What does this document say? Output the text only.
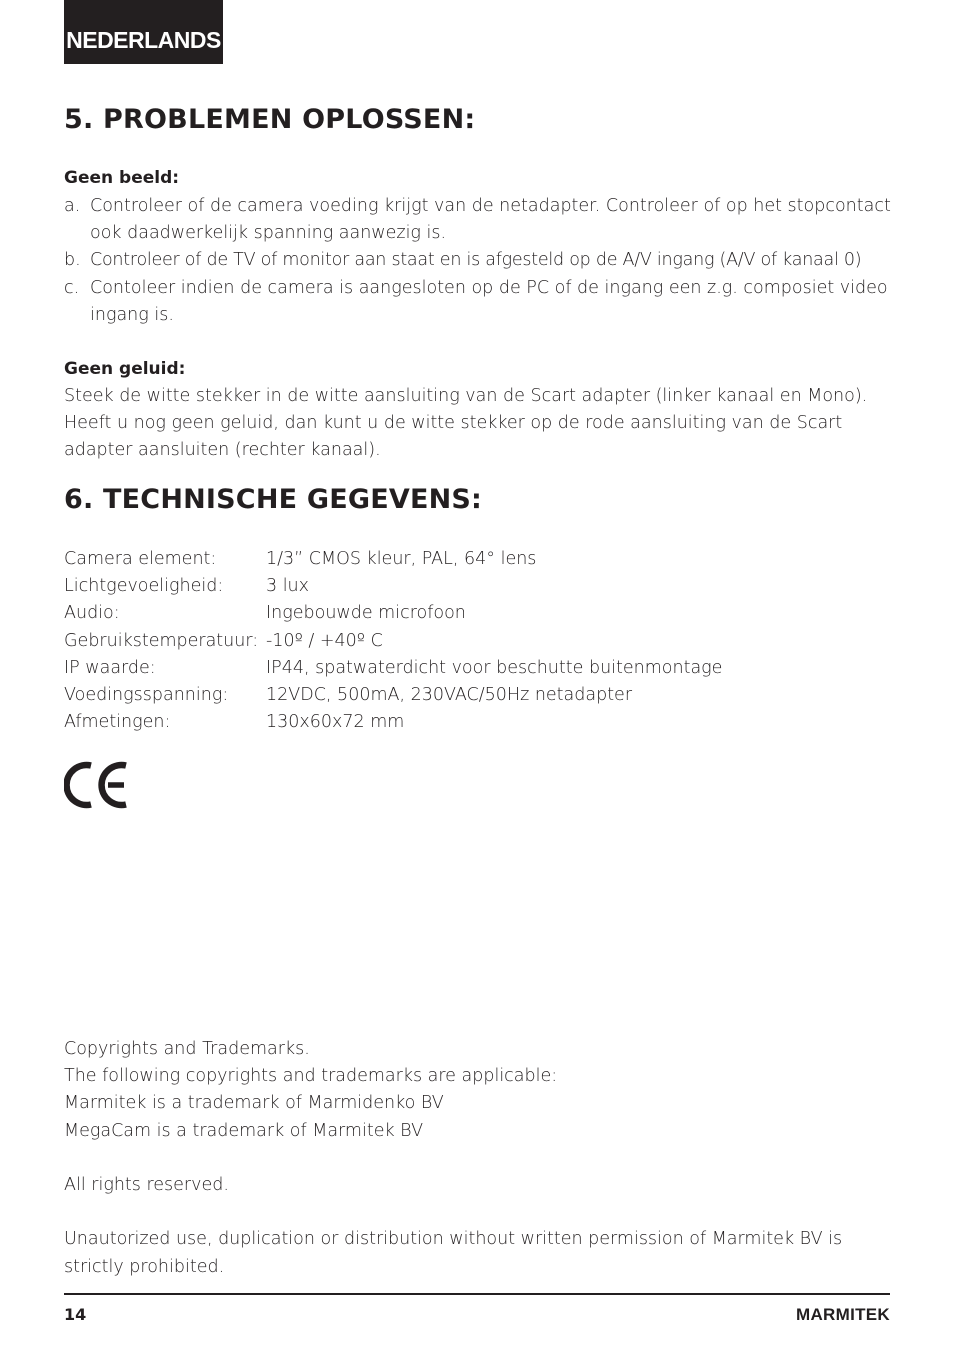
NEDERLANDS
5. PROBLEMEN OPLOSSEN:
Geen beeld:
a. Controleer of de camera voeding krijgt van de netadapter. Controleer of op het stopcontact ook daadwerkelijk spanning aanwezig is.
b. Controleer of de TV of monitor aan staat en is afgesteld op de A/V ingang (A/V of kanaal 0)
c. Contoleer indien de camera is aangesloten op de PC of de ingang een z.g. composiet video ingang is.
Geen geluid:
Steek de witte stekker in de witte aansluiting van de Scart adapter (linker kanaal en Mono). Heeft u nog geen geluid, dan kunt u de witte stekker op de rode aansluiting van de Scart adapter aansluiten (rechter kanaal).
6. TECHNISCHE GEGEVENS:
Camera element:	1/3” CMOS kleur, PAL, 64° lens
Lichtgevoeligheid:	3 lux
Audio:	Ingebouwde microfoon
Gebruikstemperatuur: -10º / +40º C
IP waarde:	IP44, spatwaterdicht voor beschutte buitenmontage
Voedingsspanning:	12VDC, 500mA, 230VAC/50Hz netadapter
Afmetingen:	130x60x72 mm
Copyrights and Trademarks.
The following copyrights and trademarks are applicable:
Marmitek is a trademark of Marmidenko BV
MegaCam is a trademark of Marmitek BV
All rights reserved.
Unautorized use, duplication or distribution without written permission of Marmitek BV is strictly prohibited.
14	MARMITEK
